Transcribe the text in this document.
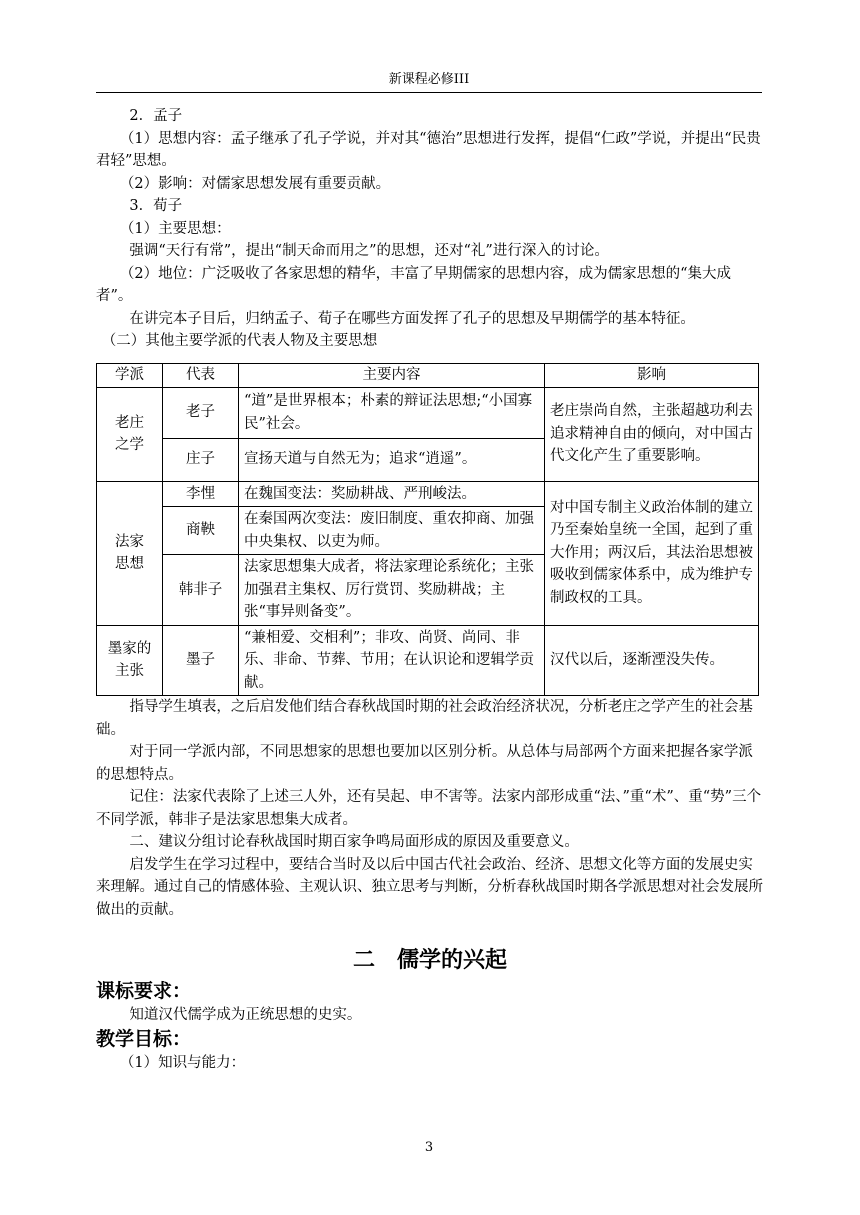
新课程必修III

2．孟子

（1）思想内容：孟子继承了孔子学说，并对其“德治”思想进行发挥，提倡“仁政”学说，并提出“民贵君轻”思想。

（2）影响：对儒家思想发展有重要贡献。

3．荀子

（1）主要思想：

强调“天行有常”，提出“制天命而用之”的思想，还对“礼”进行深入的讨论。

（2）地位：广泛吸收了各家思想的精华，丰富了早期儒家的思想内容，成为儒家思想的“集大成者”。

在讲完本子目后，归纳孟子、荀子在哪些方面发挥了孔子的思想及早期儒学的基本特征。

（二）其他主要学派的代表人物及主要思想

学派	代表	主要内容	影响
老庄之学	老子	“道”是世界根本；朴素的辩证法思想;“小国寡民”社会。	老庄崇尚自然，主张超越功利去追求精神自由的倾向，对中国古代文化产生了重要影响。
	庄子	宣扬天道与自然无为；追求“逍遥”。	
法家思想	李悝	在魏国变法：奖励耕战、严刑峻法。	对中国专制主义政治体制的建立乃至秦始皇统一全国，起到了重大作用；两汉后，其法治思想被吸收到儒家体系中，成为维护专制政权的工具。
	商鞅	在秦国两次变法：废旧制度、重农抑商、加强中央集权、以吏为师。	
	韩非子	法家思想集大成者，将法家理论系统化；主张加强君主集权、厉行赏罚、奖励耕战；主张“事异则备变”。	
墨家的主张	墨子	“兼相爱、交相利”；非攻、尚贤、尚同、非乐、非命、节葬、节用；在认识论和逻辑学贡献。	汉代以后，逐渐湮没失传。

指导学生填表，之后启发他们结合春秋战国时期的社会政治经济状况，分析老庄之学产生的社会基础。

对于同一学派内部，不同思想家的思想也要加以区别分析。从总体与局部两个方面来把握各家学派的思想特点。

记住：法家代表除了上述三人外，还有吴起、申不害等。法家内部形成重“法、”重“术”、重“势”三个不同学派，韩非子是法家思想集大成者。

二、建议分组讨论春秋战国时期百家争鸣局面形成的原因及重要意义。

启发学生在学习过程中，要结合当时及以后中国古代社会政治、经济、思想文化等方面的发展史实来理解。通过自己的情感体验、主观认识、独立思考与判断，分析春秋战国时期各学派思想对社会发展所做出的贡献。

二　儒学的兴起

课标要求：

知道汉代儒学成为正统思想的史实。

教学目标：

（1）知识与能力：

3
